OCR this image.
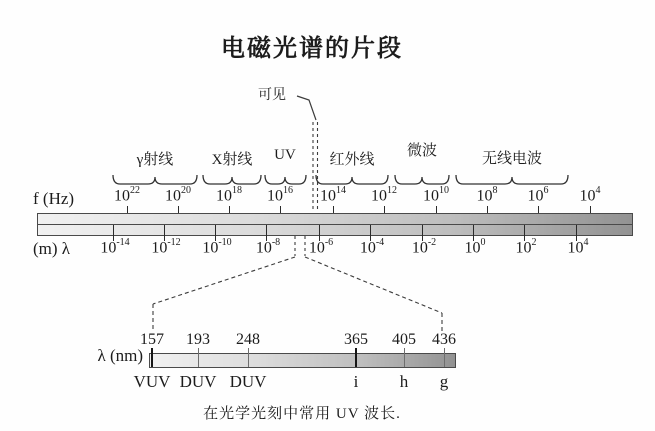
电磁光谱的片段
可见
γ射线	X射线	UV	红外线
微波	无线电波
f (Hz)	$10^{22}$	$10^{20}$	$10^{18}$	$10^{16}$	$10^{14}$	$10^{12}$	$10^{10}$	$10^8$	$10^6$	$10^4$
(m) λ	$10^{-14}$	$10^{-12}$	$10^{-10}$	$10^{-8}$	$10^{-6}$	$10^{-4}$	$10^{-2}$	$10^0$	$10^2$	$10^4$
157	193	248	365	405	436
λ (nm)
VUV DUV DUV	i	h	g
在光学光刻中常用 UV 波长.
